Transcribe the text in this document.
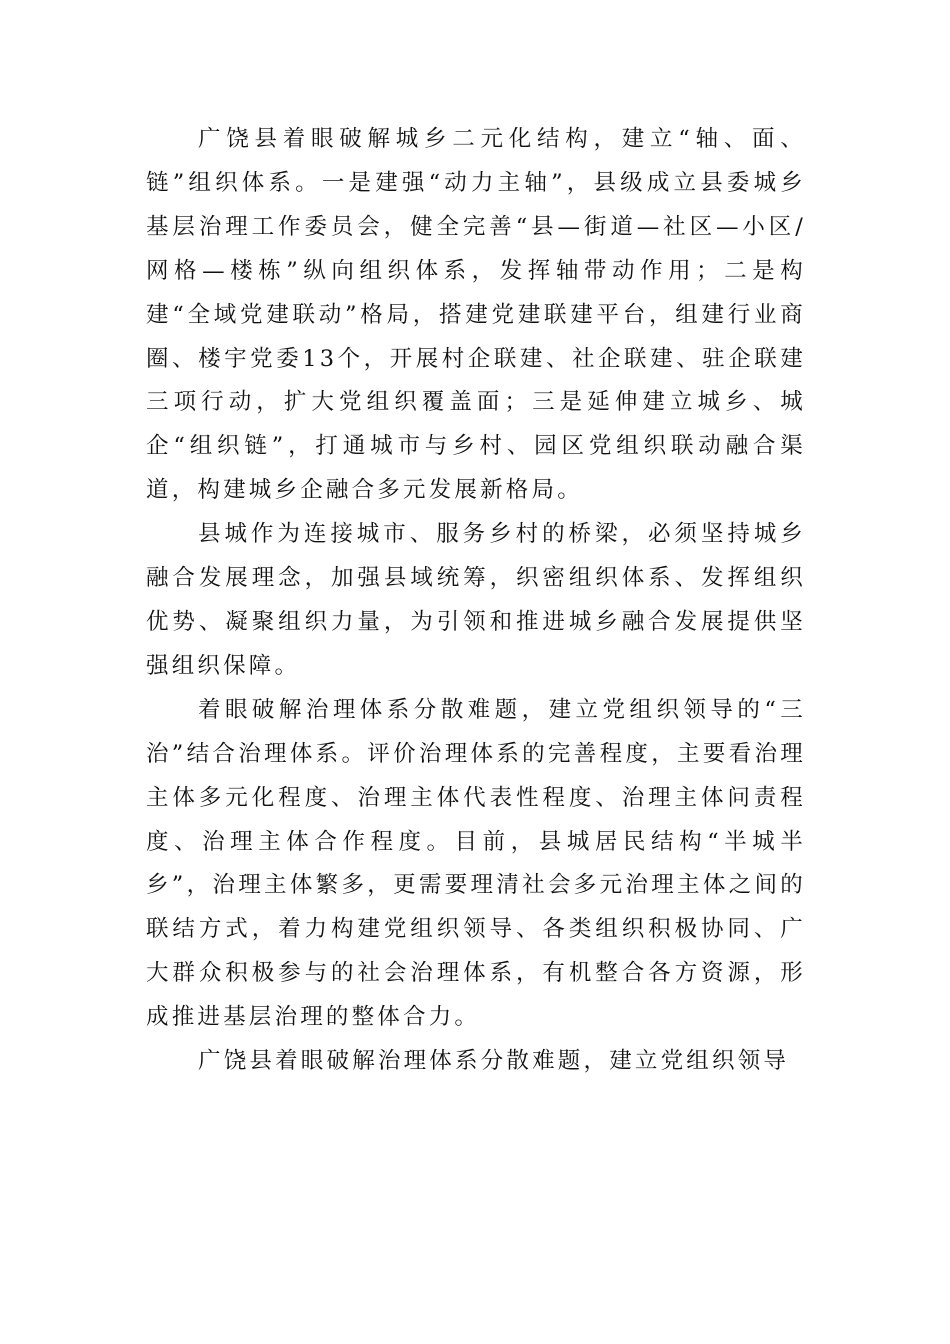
广饶县着眼破解城乡二元化结构，建立“轴、面、链”组织体系。一是建强“动力主轴”，县级成立县委城乡基层治理工作委员会，健全完善“县—街道—社区—小区/网格—楼栋”纵向组织体系，发挥轴带动作用；二是构建“全域党建联动”格局，搭建党建联建平台，组建行业商圈、楼宇党委13个，开展村企联建、社企联建、驻企联建三项行动，扩大党组织覆盖面；三是延伸建立城乡、城企“组织链”，打通城市与乡村、园区党组织联动融合渠道，构建城乡企融合多元发展新格局。

县城作为连接城市、服务乡村的桥梁，必须坚持城乡融合发展理念，加强县域统筹，织密组织体系、发挥组织优势、凝聚组织力量，为引领和推进城乡融合发展提供坚强组织保障。

着眼破解治理体系分散难题，建立党组织领导的“三治”结合治理体系。评价治理体系的完善程度，主要看治理主体多元化程度、治理主体代表性程度、治理主体问责程度、治理主体合作程度。目前，县城居民结构“半城半乡”，治理主体繁多，更需要理清社会多元治理主体之间的联结方式，着力构建党组织领导、各类组织积极协同、广大群众积极参与的社会治理体系，有机整合各方资源，形成推进基层治理的整体合力。

广饶县着眼破解治理体系分散难题，建立党组织领导
